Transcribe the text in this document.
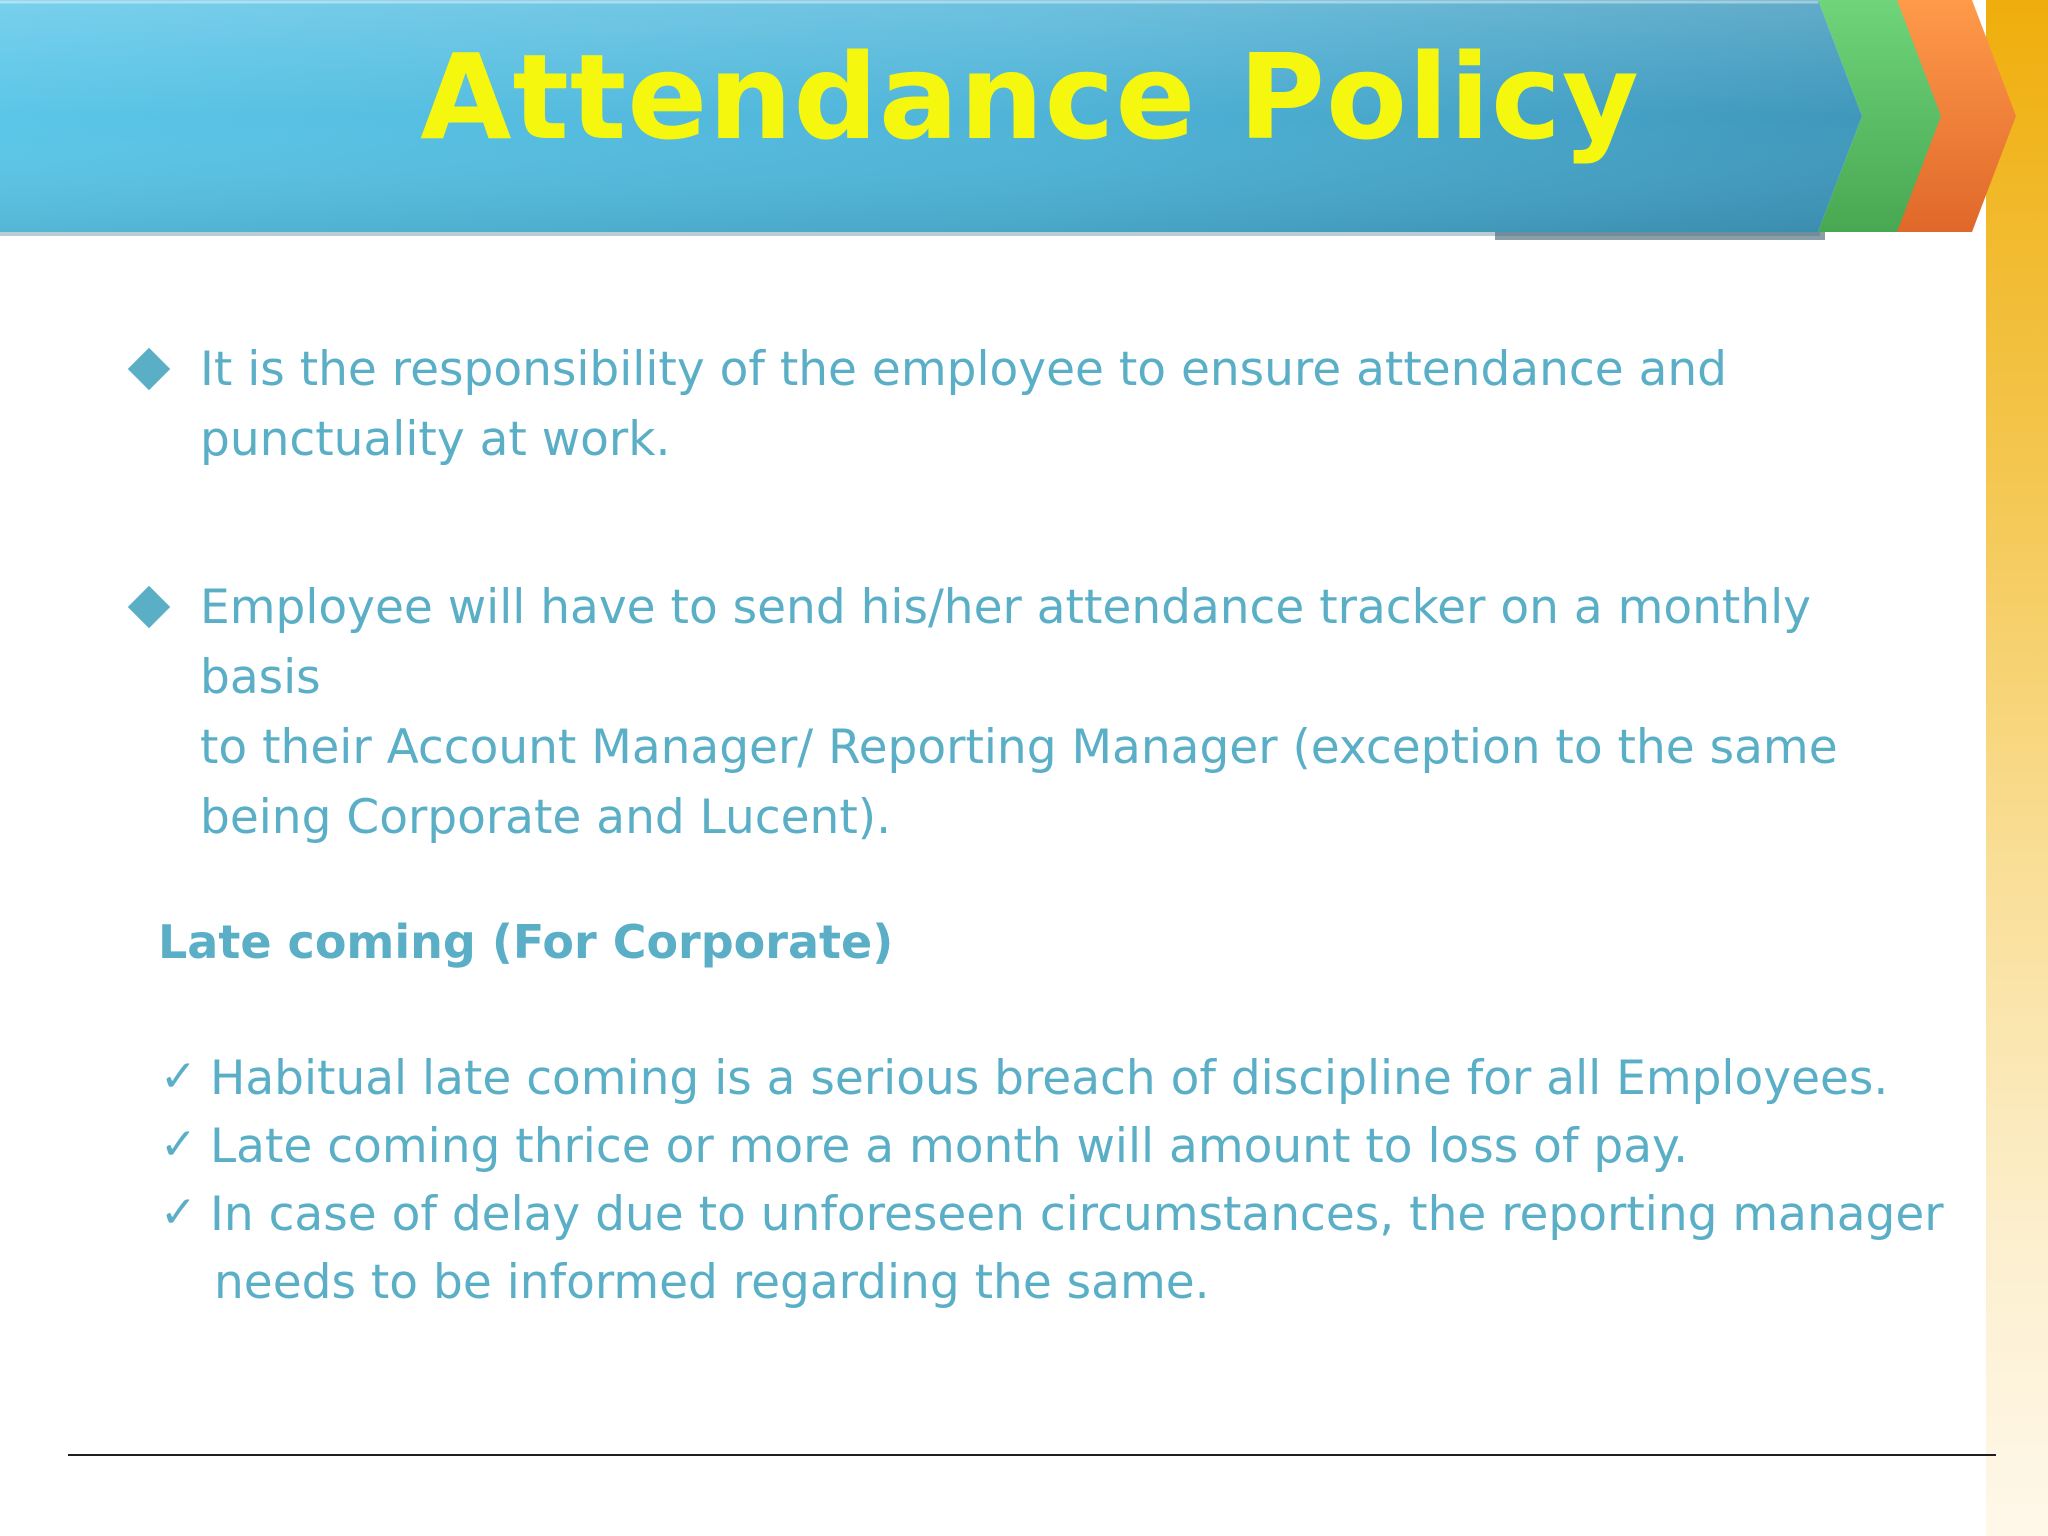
Attendance Policy
It is the responsibility of the employee to ensure attendance and
punctuality at work.
Employee will have to send his/her attendance tracker on a monthly basis
to their Account Manager/ Reporting Manager (exception to the same
being Corporate and Lucent).
Late coming (For Corporate)
✓ Habitual late coming is a serious breach of discipline for all Employees.
✓ Late coming thrice or more a month will amount to loss of pay.
✓ In case of delay due to unforeseen circumstances, the reporting manager
needs to be informed regarding the same.
